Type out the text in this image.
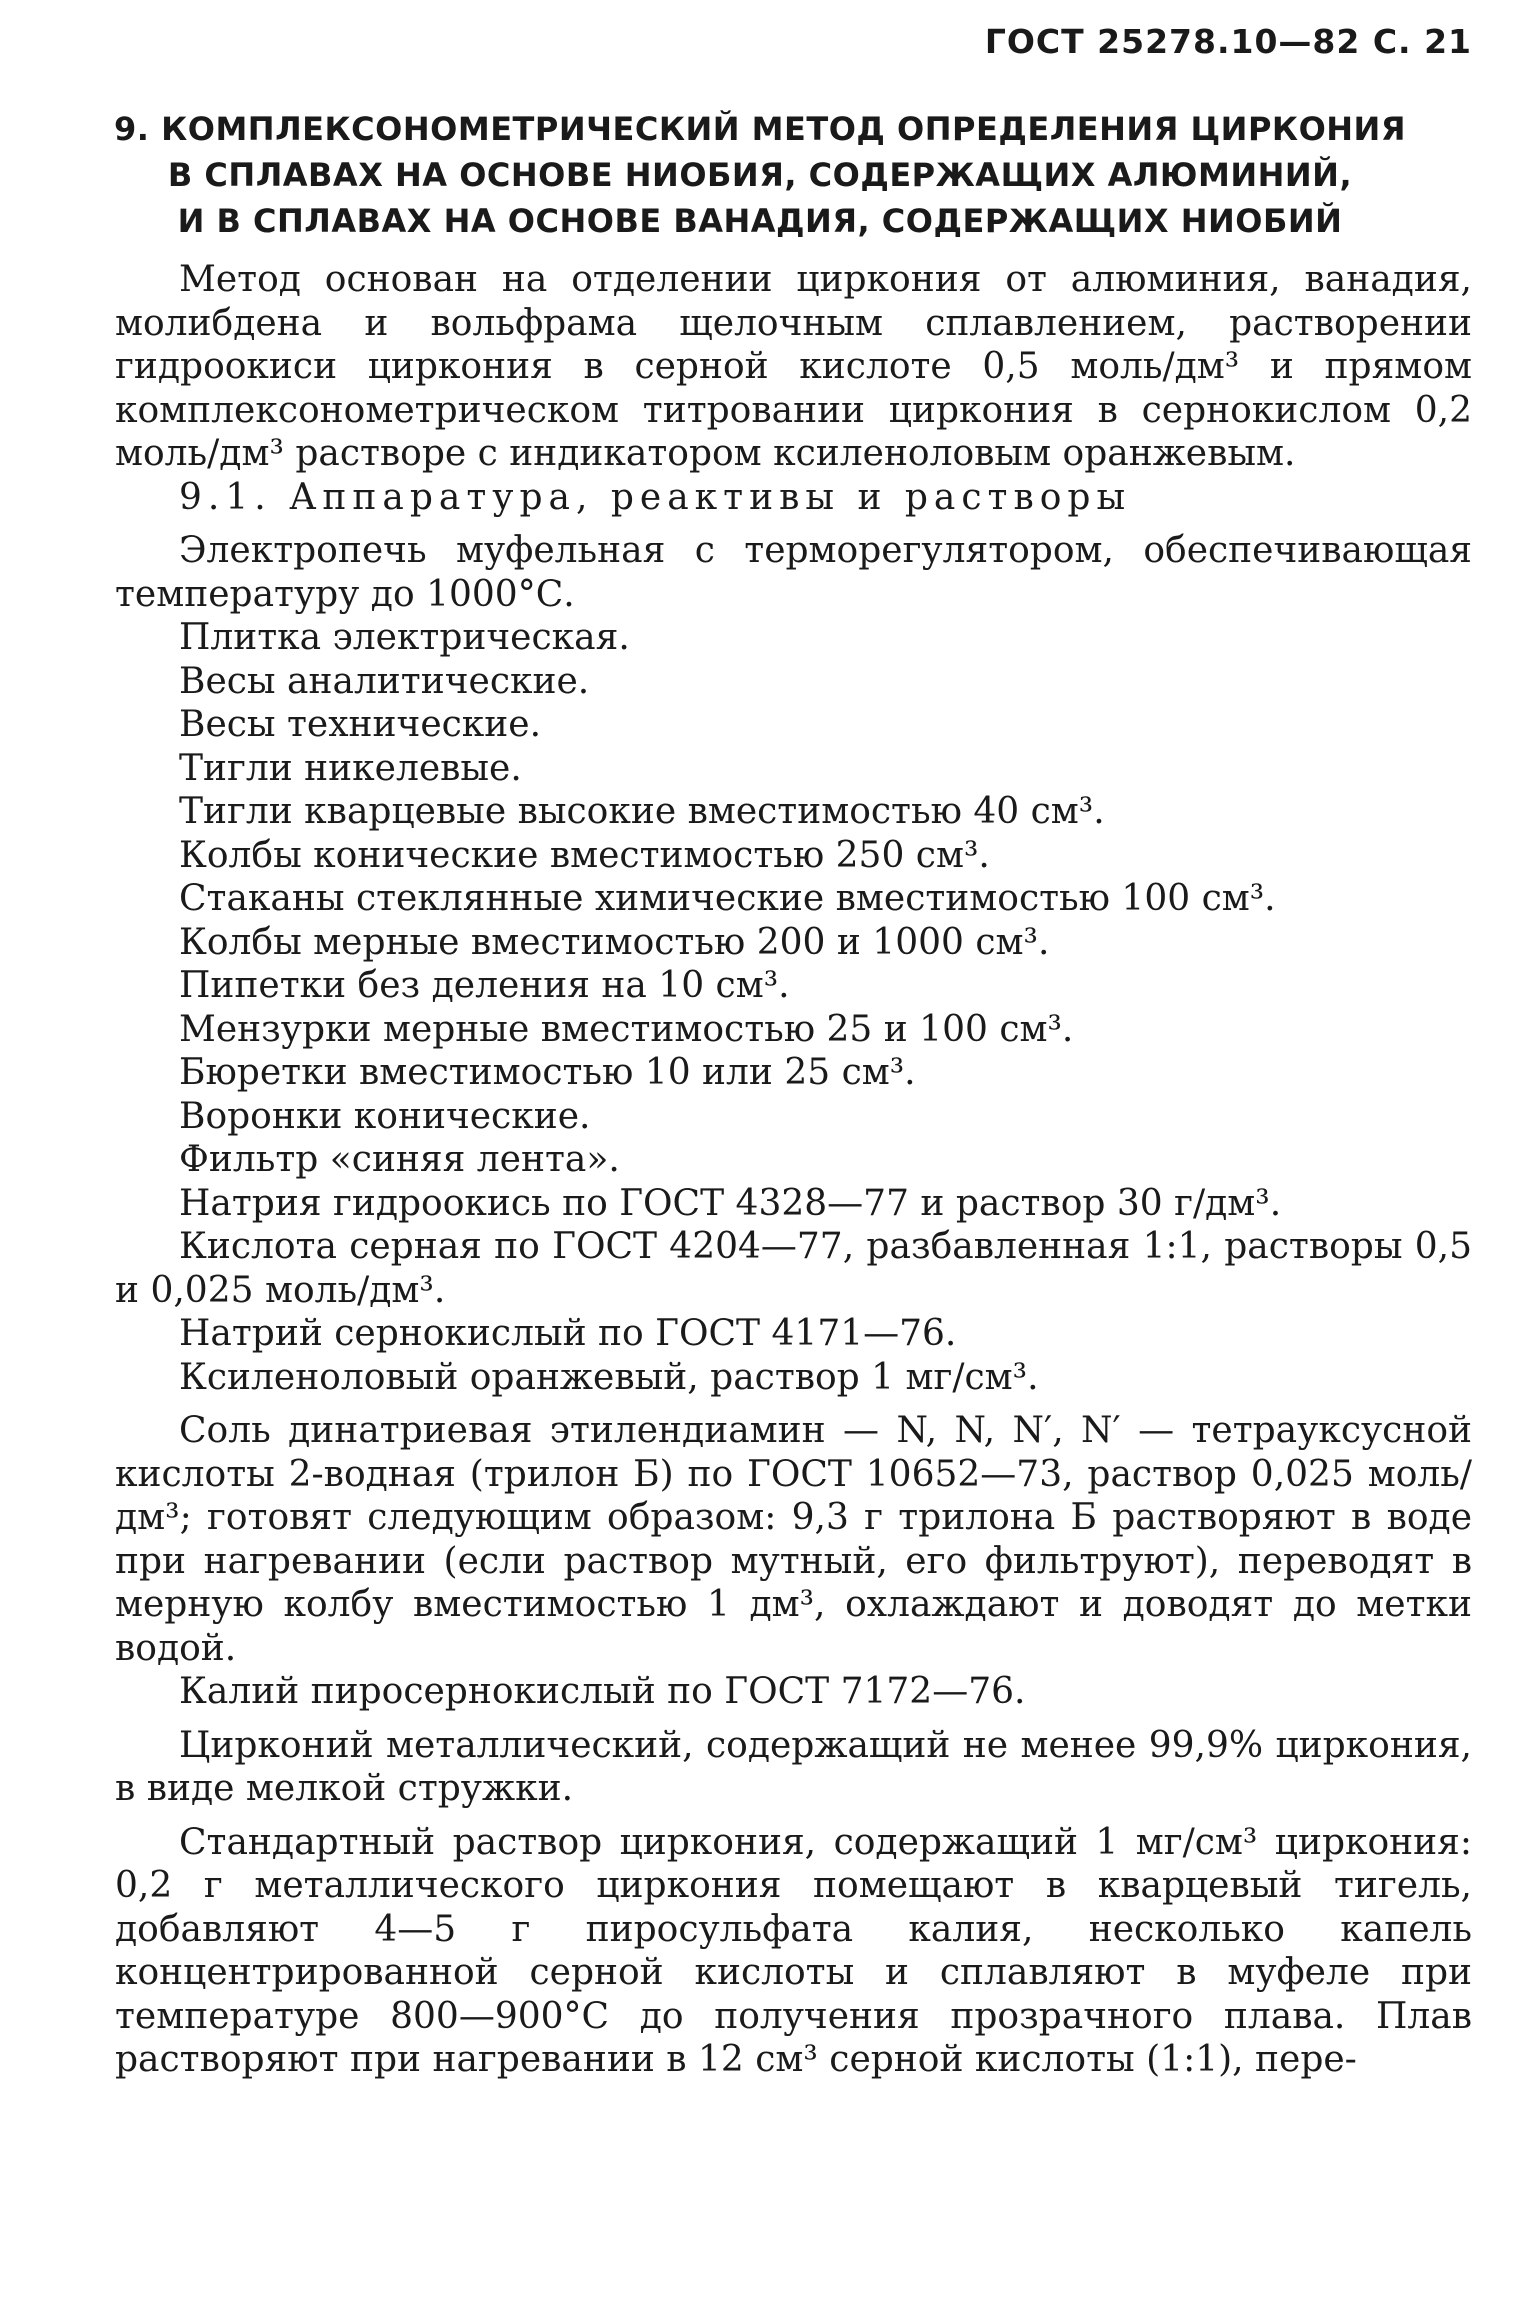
ГОСТ 25278.10—82 С. 21
9. КОМПЛЕКСОНОМЕТРИЧЕСКИЙ МЕТОД ОПРЕДЕЛЕНИЯ ЦИРКОНИЯ
В СПЛАВАХ НА ОСНОВЕ НИОБИЯ, СОДЕРЖАЩИХ АЛЮМИНИЙ,
И В СПЛАВАХ НА ОСНОВЕ ВАНАДИЯ, СОДЕРЖАЩИХ НИОБИЙ

Метод основан на отделении циркония от алюминия, ванадия, молибдена и вольфрама щелочным сплавлением, растворении гидроокиси циркония в серной кислоте 0,5 моль/дм³ и прямом комплексонометрическом титровании циркония в сернокислом 0,2 моль/дм³ растворе с индикатором ксиленоловым оранжевым.

9.1. Аппаратура, реактивы и растворы

Электропечь муфельная с терморегулятором, обеспечивающая температуру до 1000°С.

Плитка электрическая.

Весы аналитические.

Весы технические.

Тигли никелевые.

Тигли кварцевые высокие вместимостью 40 см³.

Колбы конические вместимостью 250 см³.

Стаканы стеклянные химические вместимостью 100 см³.

Колбы мерные вместимостью 200 и 1000 см³.

Пипетки без деления на 10 см³.

Мензурки мерные вместимостью 25 и 100 см³.

Бюретки вместимостью 10 или 25 см³.

Воронки конические.

Фильтр «синяя лента».

Натрия гидроокись по ГОСТ 4328—77 и раствор 30 г/дм³.

Кислота серная по ГОСТ 4204—77, разбавленная 1:1, растворы 0,5 и 0,025 моль/дм³.

Натрий сернокислый по ГОСТ 4171—76.

Ксиленоловый оранжевый, раствор 1 мг/см³.

Соль динатриевая этилендиамин — N, N, N′, N′ — тетрауксусной кислоты 2-водная (трилон Б) по ГОСТ 10652—73, раствор 0,025 моль/дм³; готовят следующим образом: 9,3 г трилона Б растворяют в воде при нагревании (если раствор мутный, его фильтруют), переводят в мерную колбу вместимостью 1 дм³, охлаждают и доводят до метки водой.

Калий пиросернокислый по ГОСТ 7172—76.

Цирконий металлический, содержащий не менее 99,9% циркония, в виде мелкой стружки.

Стандартный раствор циркония, содержащий 1 мг/см³ циркония: 0,2 г металлического циркония помещают в кварцевый тигель, добавляют 4—5 г пиросульфата калия, несколько капель концентрированной серной кислоты и сплавляют в муфеле при температуре 800—900°С до получения прозрачного плава. Плав растворяют при нагревании в 12 см³ серной кислоты (1:1), пере-
